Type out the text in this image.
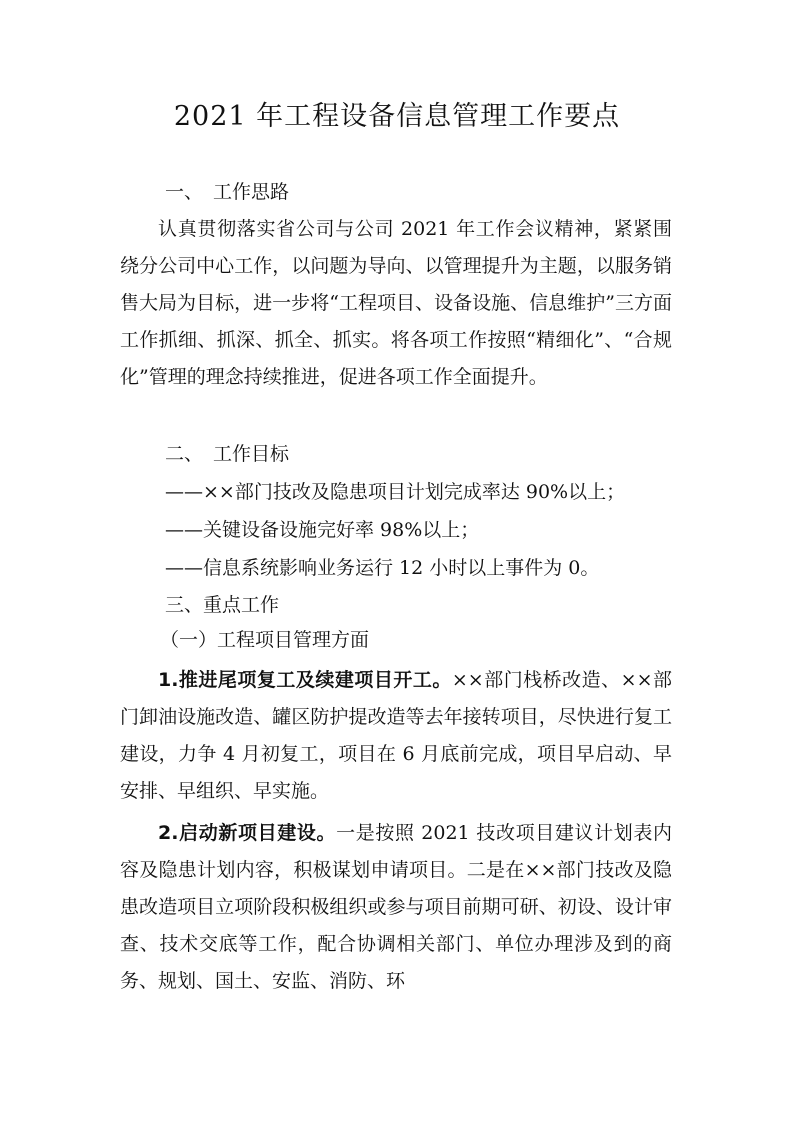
2021 年工程设备信息管理工作要点
一、 工作思路

认真贯彻落实省公司与公司 2021 年工作会议精神，紧紧围绕分公司中心工作，以问题为导向、以管理提升为主题，以服务销售大局为目标，进一步将“工程项目、设备设施、信息维护”三方面工作抓细、抓深、抓全、抓实。将各项工作按照“精细化”、“合规化”管理的理念持续推进，促进各项工作全面提升。

二、 工作目标

——××部门技改及隐患项目计划完成率达 90%以上；

——关键设备设施完好率 98%以上；

——信息系统影响业务运行 12 小时以上事件为 0。

三、重点工作

（一）工程项目管理方面

1.推进尾项复工及续建项目开工。××部门栈桥改造、××部门卸油设施改造、罐区防护提改造等去年接转项目，尽快进行复工建设，力争 4 月初复工，项目在 6 月底前完成，项目早启动、早安排、早组织、早实施。

2.启动新项目建设。一是按照 2021 技改项目建议计划表内容及隐患计划内容，积极谋划申请项目。二是在××部门技改及隐患改造项目立项阶段积极组织或参与项目前期可研、初设、设计审查、技术交底等工作，配合协调相关部门、单位办理涉及到的商务、规划、国土、安监、消防、环
